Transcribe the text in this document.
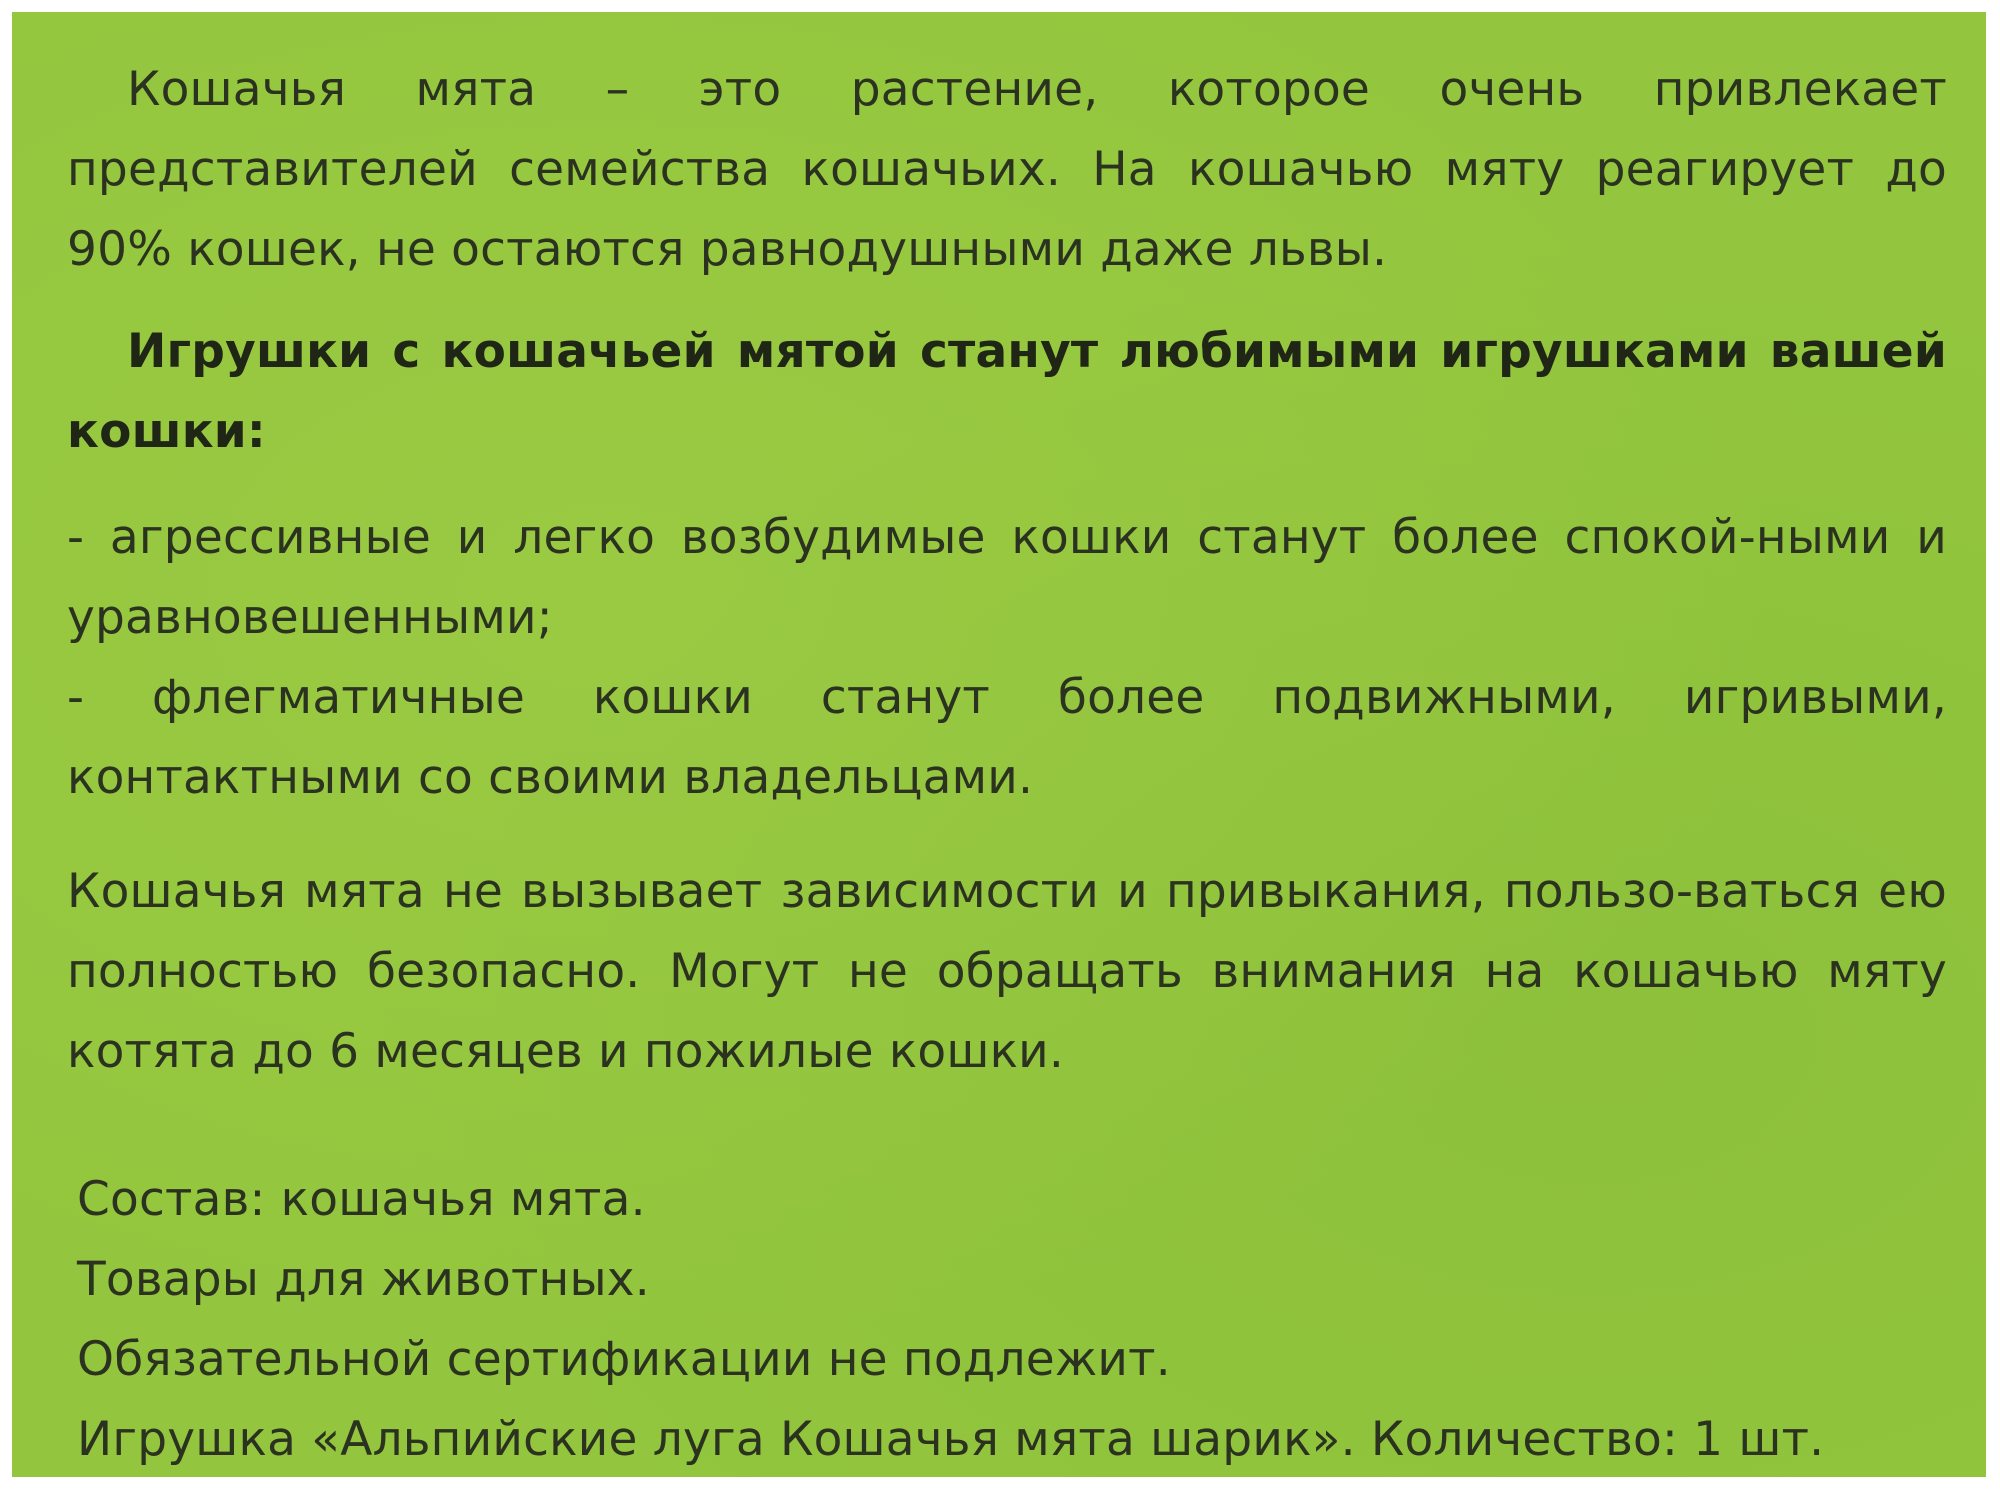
Кошачья мята – это растение, которое очень привлекает представителей семейства кошачьих. На кошачью мяту реагирует до 90% кошек, не остаются равнодушными даже львы.

Игрушки с кошачьей мятой станут любимыми игрушками вашей кошки:

- агрессивные и легко возбудимые кошки станут более спокой-ными и уравновешенными;
- флегматичные кошки станут более подвижными, игривыми, контактными со своими владельцами.

Кошачья мята не вызывает зависимости и привыкания, пользо-ваться ею полностью безопасно. Могут не обращать внимания на кошачью мяту котята до 6 месяцев и пожилые кошки.

Состав: кошачья мята.
Товары для животных.
Обязательной сертификации не подлежит.
Игрушка «Альпийские луга Кошачья мята шарик». Количество: 1 шт.
